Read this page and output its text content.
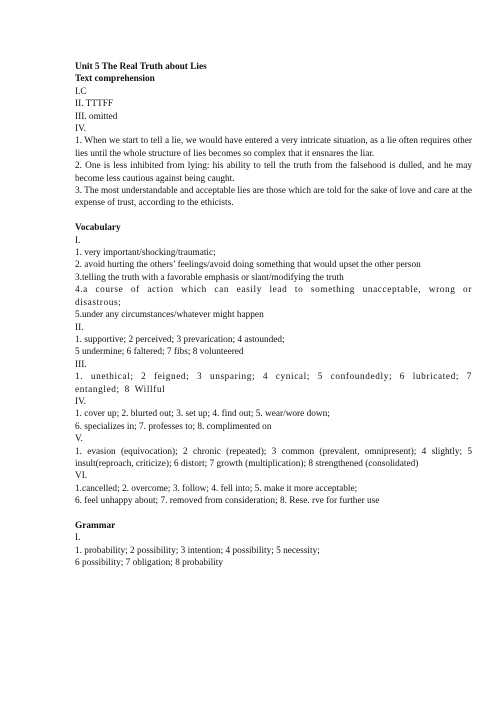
Unit 5 The Real Truth about Lies
Text comprehension
I.C
II. TTTFF
III. omitted
IV.
1. When we start to tell a lie, we would have entered a very intricate situation, as a lie often requires other lies until the whole structure of lies becomes so complex that it ensnares the liar.
2. One is less inhibited from lying: his ability to tell the truth from the falsehood is dulled, and he may become less cautious against being caught.
3. The most understandable and acceptable lies are those which are told for the sake of love and care at the expense of trust, according to the ethicists.
Vocabulary
I.
1. very important/shocking/traumatic;
2. avoid hurting the others’ feelings/avoid doing something that would upset the other person
3.telling the truth with a favorable emphasis or slant/modifying the truth
4.a course of action which can easily lead to something unacceptable, wrong or disastrous;
5.under any circumstances/whatever might happen
II.
1. supportive; 2 perceived; 3 prevarication; 4 astounded;
5 undermine; 6 faltered; 7 fibs; 8 volunteered
III.
1. unethical; 2 feigned; 3 unsparing; 4 cynical; 5 confoundedly; 6 lubricated; 7 entangled; 8 Willful
IV.
1. cover up; 2. blurted out; 3. set up; 4. find out; 5. wear/wore down;
6. specializes in; 7. professes to; 8. complimented on
V.
1. evasion (equivocation); 2 chronic (repeated); 3 common (prevalent, omnipresent); 4 slightly; 5 insult(reproach, criticize); 6 distort; 7 growth (multiplication); 8 strengthened (consolidated)
VI.
1.cancelled; 2. overcome; 3. follow; 4. fell into; 5. make it more acceptable;
6. feel unhappy about; 7. removed from consideration; 8. Rese. rve for further use
Grammar
I.
1. probability; 2 possibility; 3 intention; 4 possibility; 5 necessity;
6 possibility; 7 obligation; 8 probability
